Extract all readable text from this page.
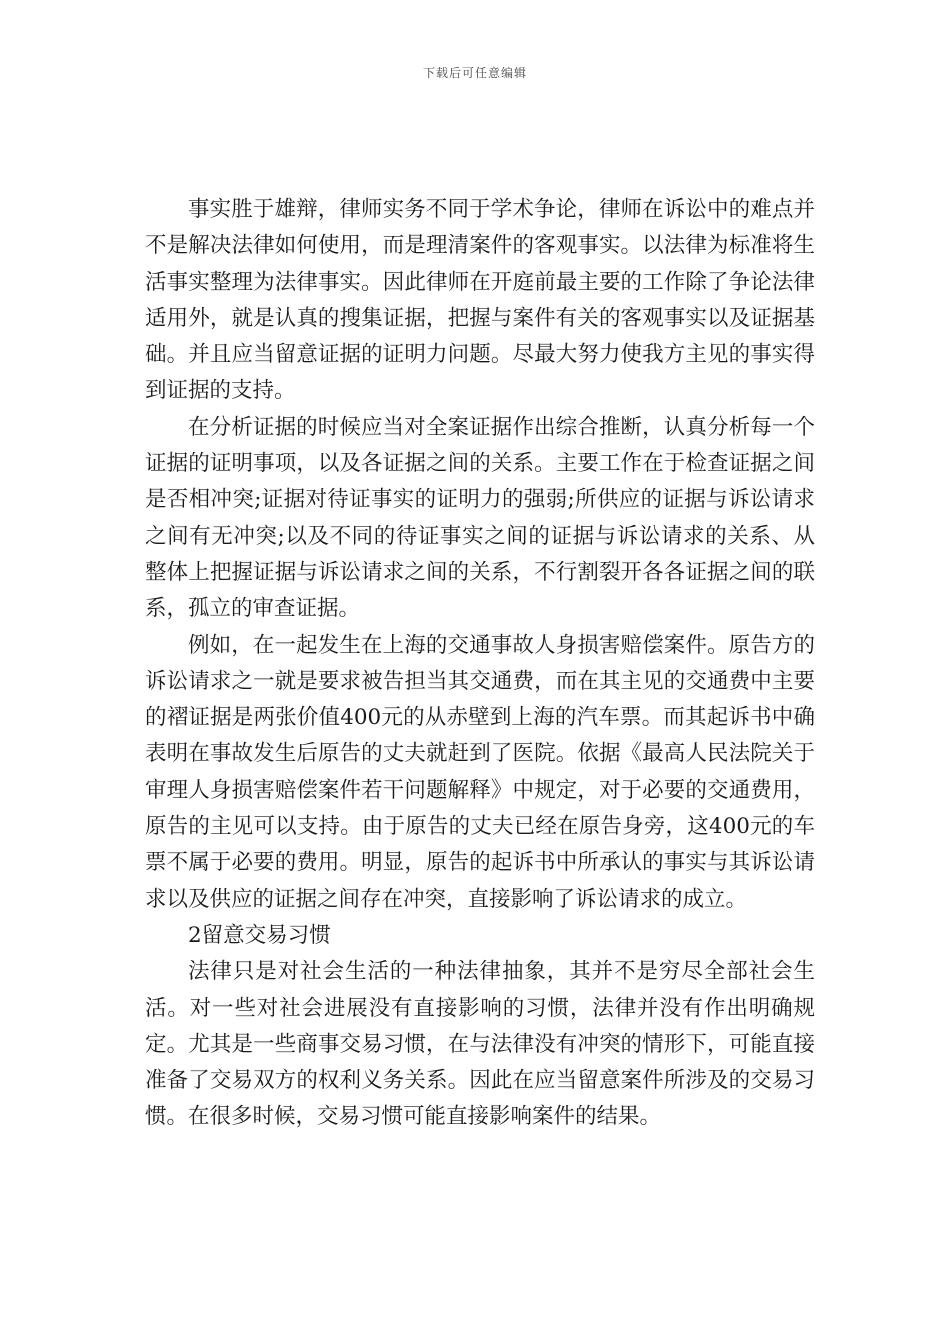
下载后可任意编辑

事实胜于雄辩，律师实务不同于学术争论，律师在诉讼中的难点并不是解决法律如何使用，而是理清案件的客观事实。以法律为标准将生活事实整理为法律事实。因此律师在开庭前最主要的工作除了争论法律适用外，就是认真的搜集证据，把握与案件有关的客观事实以及证据基础。并且应当留意证据的证明力问题。尽最大努力使我方主见的事实得到证据的支持。

在分析证据的时候应当对全案证据作出综合推断，认真分析每一个证据的证明事项，以及各证据之间的关系。主要工作在于检查证据之间是否相冲突;证据对待证事实的证明力的强弱;所供应的证据与诉讼请求之间有无冲突;以及不同的待证事实之间的证据与诉讼请求的关系、从整体上把握证据与诉讼请求之间的关系，不行割裂开各各证据之间的联系，孤立的审查证据。

例如，在一起发生在上海的交通事故人身损害赔偿案件。原告方的诉讼请求之一就是要求被告担当其交通费，而在其主见的交通费中主要的褶证据是两张价值400元的从赤壁到上海的汽车票。而其起诉书中确表明在事故发生后原告的丈夫就赶到了医院。依据《最高人民法院关于审理人身损害赔偿案件若干问题解释》中规定，对于必要的交通费用，原告的主见可以支持。由于原告的丈夫已经在原告身旁，这400元的车票不属于必要的费用。明显，原告的起诉书中所承认的事实与其诉讼请求以及供应的证据之间存在冲突，直接影响了诉讼请求的成立。

2留意交易习惯

法律只是对社会生活的一种法律抽象，其并不是穷尽全部社会生活。对一些对社会进展没有直接影响的习惯，法律并没有作出明确规定。尤其是一些商事交易习惯，在与法律没有冲突的情形下，可能直接准备了交易双方的权利义务关系。因此在应当留意案件所涉及的交易习惯。在很多时候，交易习惯可能直接影响案件的结果。
